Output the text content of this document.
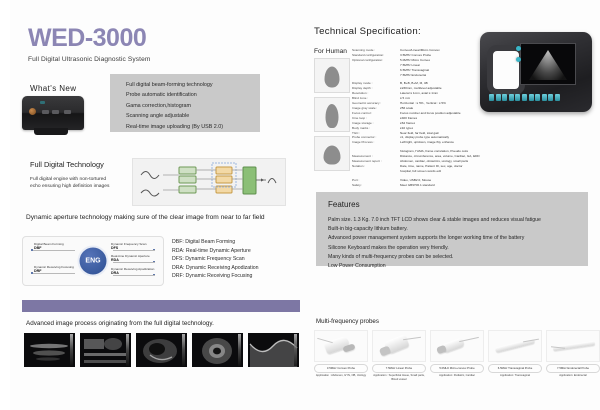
WED-3000
Full Digital Ultrasonic Diagnostic System
What's New	Full digital beam-forming technology
Probe automatic identification
Gama correction,histogram
Scanning angle adjustable
Real-time image uploading (By USB 2.0)
Full Digital Technology
Full digital engine with non-tortured echo ensuring high definition images
Dynamic aperture technology making sure of the clear image from near to far field
ENG
Digital Beam Forming
DBF
Dynamic Receiving Focusing
DRF
Dynamic Frequency Scan
DFS
Real-time Dynamic Aperture
RDA
Dynamic Receiving Apodization
DRA
DBF: Digital Beam Forming
RDA: Real-time Dynamic Aperture
DFS: Dynamic Frequency Scan
DRA: Dynamic Receiving Apodization
DRF: Dynamic Receiving Focusing
Advanced image process originating from the full digital technology.
Technical Specification:
For Human Scanning mode :	Convex/Linear/Micro Convex
Standard configuration:	3.5MHz Convex Probe
Optional configuration:	5.0MHz Micro Convex
7.5MHz Linear
6.5MHz Transvaginal
7.5MHz Endorectal
Display mode :	B, B+B, B+M, M, 4B
Display depth :	≥230mm, multilevel adjustable
Resolution :	Lateral ≤ 1mm, axial ≤ 1mm
Blind zone :	≤ 5 mm
Geometric accuracy :	Horizontal : ≤ 5% , Vertical : ≤ 5%
Image gray scale :	256 scale
Focus control :	Focus number and focus position adjustable
Cine loop :	≥400 frames
Image storage :	≥64 frames
Body marks :	≥10 types
TGC :	Near field, far field, total gain
Probe connector :	x1, display probe type automatically
Image Process :	Left/right, up/down, image flip, enhance
histogram, ΓAMA, frame correlation, Pseudo color
Measurement :	Distance, circumference, area, volume, Cardiac, GA, EDD
Measurement report :	Abdomen, cardiac, obstetrics, urology, small parts
Notation :	Date, time, name, Patient ID, sex, age, doctor
hospital, full screen words edit
Port :	Video, USB2.0, Mouse
Safety:	Meet GB9706.1 standard
Features
Palm size. 1.3 Kg. 7.0 inch TFT LCD shows clear & stable images and reduces visual fatigue
Built-in big-capacity lithium battery.
Advanced power management system supports the longer working time of the battery
Silicone Keyboard makes the operation very friendly.
Many kinds of multi-frequency probes can be selected.
Low Power Consumption
Multi-frequency probes
3.5MHz Convex Probe
Application : Abdomen, GYN, OB, Urology
7.5MHz Linear Probe
Application : Superficial tissue, Small parts, Blood vessel
5.0MHz Micro-convex Probe
Application: Pediatric, Cardiac
6.5MHz Transvaginal Probe
Application: Transvaginal
7.5MHz Endorectal Probe
Application: Endorectal
